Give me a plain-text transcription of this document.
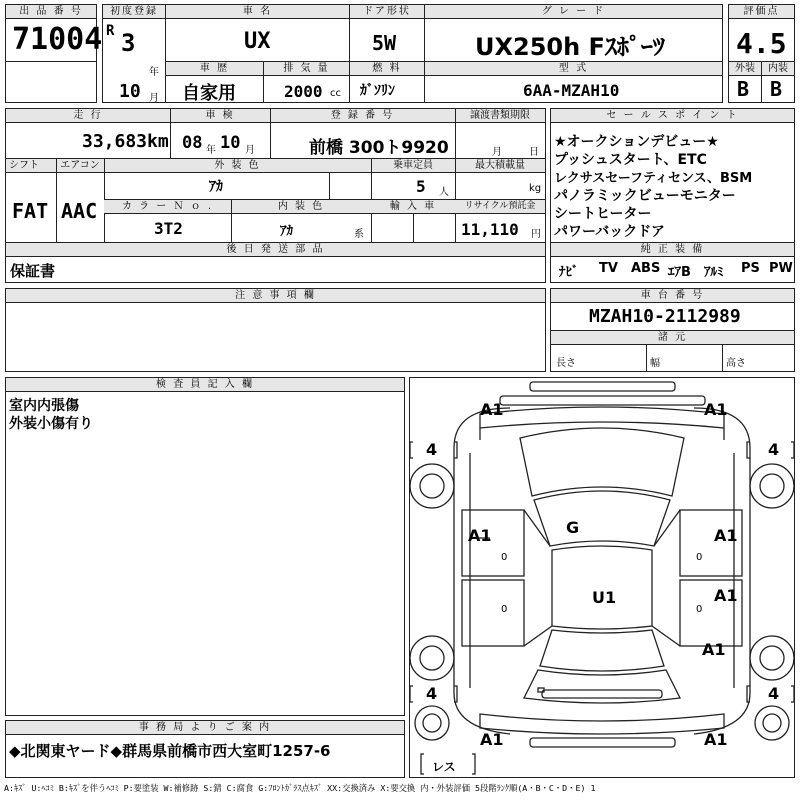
出 品 番 号
71004
初度登録
R 3
年
10 月
車 名
UX
ドア形状
5W
グ レ ー ド
UX250h Fｽﾎﾟｰﾂ
評価点
4.5
車 歴
自家用
排 気 量
2000 cc
燃 料
ｶﾞｿﾘﾝ
型 式
6AA-MZAH10
外装
B
内装
B
走 行	車 検	登 録 番 号	譲渡書類期限
33,683 km 08 年 10 月	前橋 300ト9920	月	日
シフト	エアコン	外 装 色	乗車定員	最大積載量
FAT AAC
ｱｶ	5 人	kg
カ ラ ー Ｎ ｏ .	内 装 色	輸 入 車	リサイクル預託金
3T2	ｱｶ	系	11,110 円
後 日 発 送 部 品
保証書
セ ー ル ス ポ イ ン ト
★オークションデビュー★
プッシュスタート、ETC
レクサスセーフティセンス、BSM
パノラミックビューモニター
シートヒーター
パワーバックドア
純 正 装 備
ﾅﾋﾞ TV ABS ｴｱB ｱﾙﾐ PS PW
注 意 事 項 欄	車 台 番 号
MZAH10-2112989
諸 元
長さ	幅	高さ
検 査 員 記 入 欄
室内内張傷
外装小傷有り
事 務 局 よ り ご 案 内
◆北関東ヤード◆群馬県前橋市西大室町1257-6
A1	A1
A1	A1
A1
A1
A1	A1
G
U1
4	4
4	4
0
0
0
0
レス
A:ｷｽﾞ U:ﾍｺﾐ B:ｷｽﾞを伴うﾍｺﾐ P:要塗装 W:補修跡 S:錆 C:腐食 G:ﾌﾛﾝﾄｶﾞﾗｽ点ｷｽﾞ XX:交換済み X:要交換 内・外装評価 5段階ﾗﾝｸ順(A・B・C・D・E) 1
